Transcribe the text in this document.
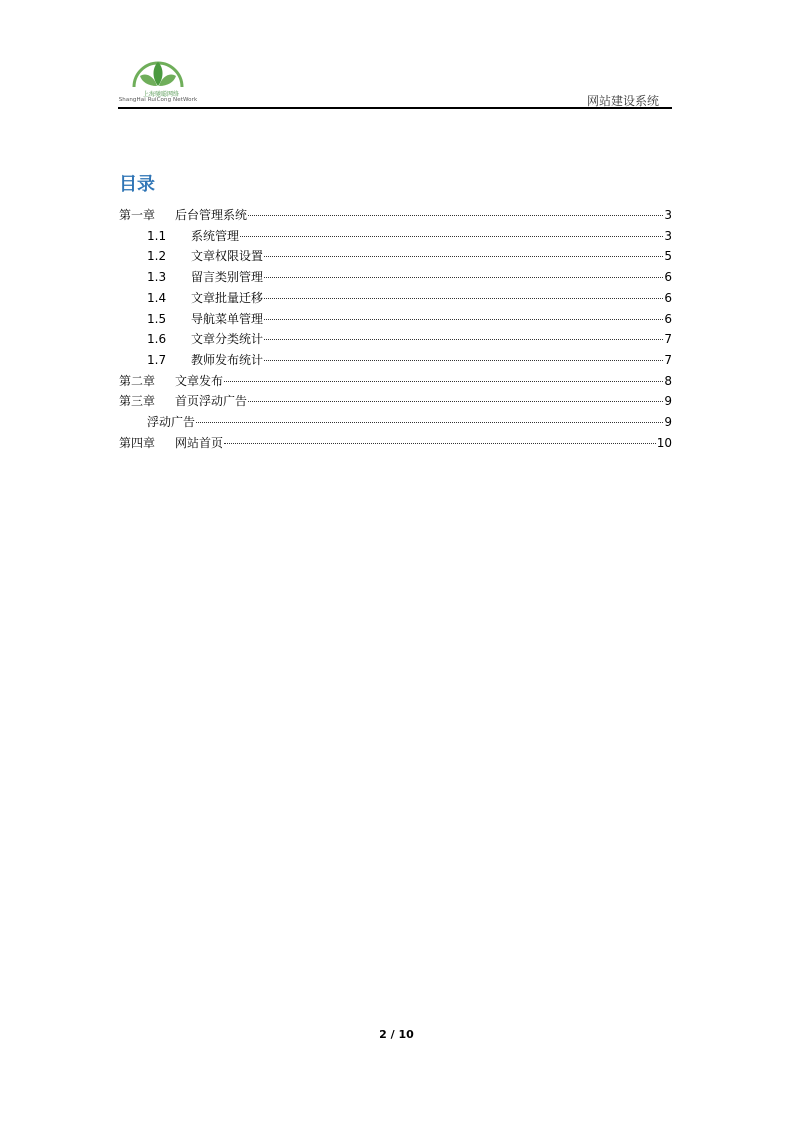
上海驰聪网络
ShangHai RuiCong NetWork	网站建设系统
目录
第一章	后台管理系统	3
1.1	系统管理	3
1.2	文章权限设置	5
1.3	留言类别管理	6
1.4	文章批量迁移	6
1.5	导航菜单管理	6
1.6	文章分类统计	7
1.7	教师发布统计	7
第二章	文章发布	8
第三章	首页浮动广告	9
浮动广告	9
第四章	网站首页	10
2 / 10
